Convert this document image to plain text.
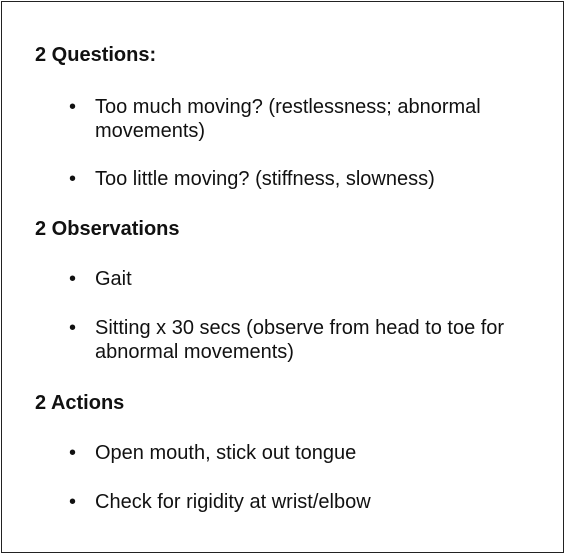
2 Questions:

• Too much moving? (restlessness; abnormal movements)
• Too little moving? (stiffness, slowness)

2 Observations

• Gait
• Sitting x 30 secs (observe from head to toe for abnormal movements)

2 Actions

• Open mouth, stick out tongue
• Check for rigidity at wrist/elbow
